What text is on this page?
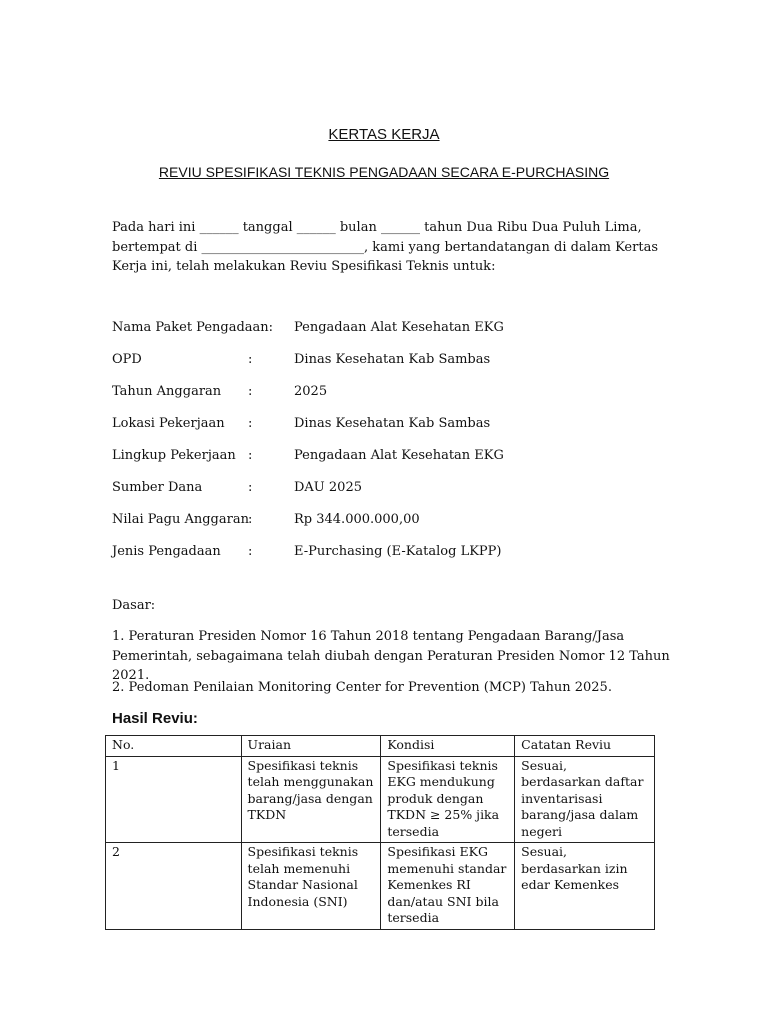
KERTAS KERJA
REVIU SPESIFIKASI TEKNIS PENGADAAN SECARA E-PURCHASING
Pada hari ini ______ tanggal ______ bulan ______ tahun Dua Ribu Dua Puluh Lima, bertempat di _________________________, kami yang bertandatangan di dalam Kertas Kerja ini, telah melakukan Reviu Spesifikasi Teknis untuk:
Nama Paket Pengadaan: Pengadaan Alat Kesehatan EKG
OPD	:	Dinas Kesehatan Kab Sambas
Tahun Anggaran :	2025
Lokasi Pekerjaan :	Dinas Kesehatan Kab Sambas
Lingkup Pekerjaan :	Pengadaan Alat Kesehatan EKG
Sumber Dana	:	DAU 2025
Nilai Pagu Anggaran :	Rp 344.000.000,00
Jenis Pengadaan :	E-Purchasing (E-Katalog LKPP)
Dasar:
1. Peraturan Presiden Nomor 16 Tahun 2018 tentang Pengadaan Barang/Jasa Pemerintah, sebagaimana telah diubah dengan Peraturan Presiden Nomor 12 Tahun 2021.
2. Pedoman Penilaian Monitoring Center for Prevention (MCP) Tahun 2025.
Hasil Reviu:
No.	Uraian	Kondisi	Catatan Reviu
1	Spesifikasi teknis telah menggunakan barang/jasa dengan TKDN	Spesifikasi teknis EKG mendukung produk dengan TKDN ≥ 25% jika tersedia	Sesuai, berdasarkan daftar inventarisasi barang/jasa dalam negeri
2	Spesifikasi teknis telah memenuhi Standar Nasional Indonesia (SNI)	Spesifikasi EKG memenuhi standar Kemenkes RI dan/atau SNI bila tersedia	Sesuai, berdasarkan izin edar Kemenkes
